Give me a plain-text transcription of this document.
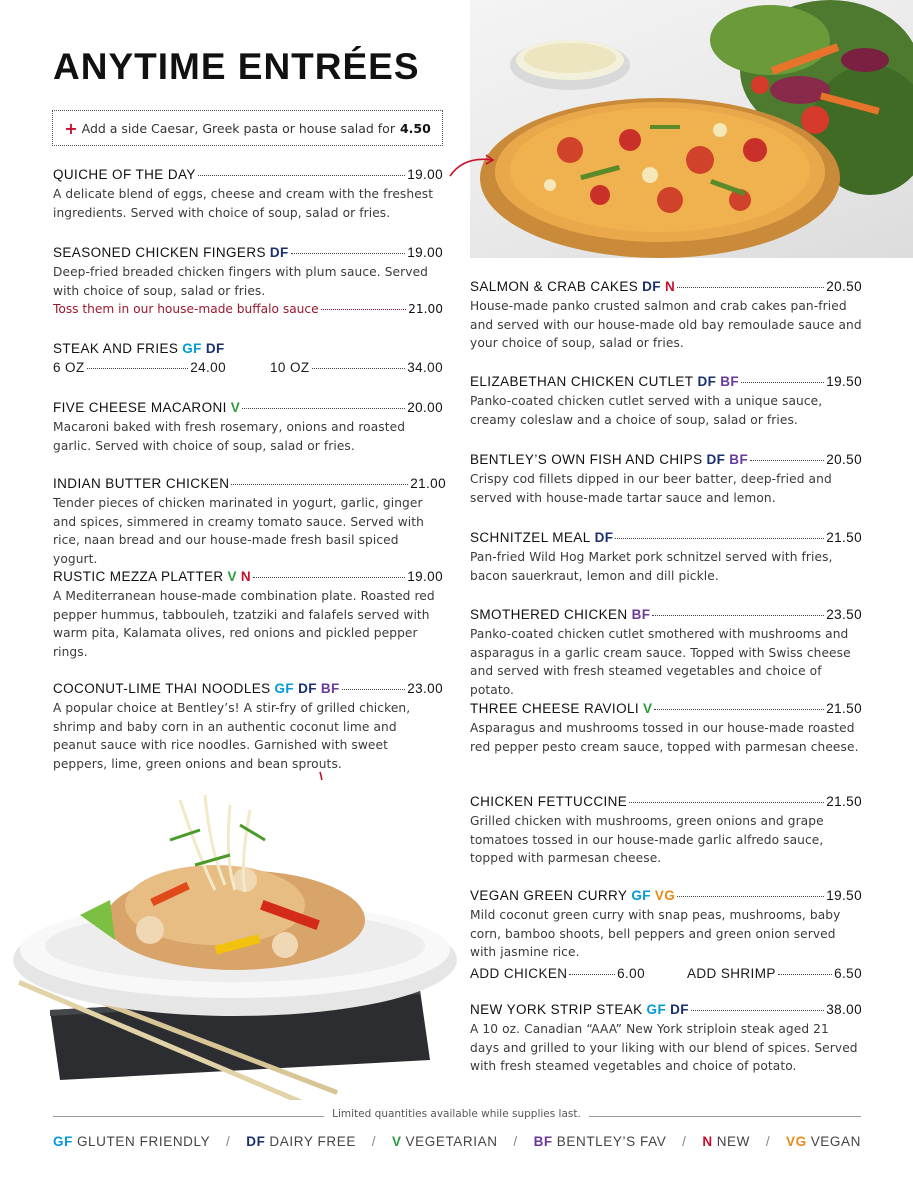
ANYTIME ENTRÉES
+ Add a side Caesar, Greek pasta or house salad for 4.50
QUICHE OF THE DAY	19.00
A delicate blend of eggs, cheese and cream with the freshest ingredients. Served with choice of soup, salad or fries.
SEASONED CHICKEN FINGERS DF	19.00
Deep-fried breaded chicken fingers with plum sauce. Served with choice of soup, salad or fries.
Toss them in our house-made buffalo sauce	21.00
STEAK AND FRIES GF DF
6 OZ	24.00	10 OZ	34.00
FIVE CHEESE MACARONI V	20.00
Macaroni baked with fresh rosemary, onions and roasted garlic. Served with choice of soup, salad or fries.
INDIAN BUTTER CHICKEN	21.00
Tender pieces of chicken marinated in yogurt, garlic, ginger and spices, simmered in creamy tomato sauce. Served with rice, naan bread and our house-made fresh basil spiced yogurt.
RUSTIC MEZZA PLATTER V N	19.00
A Mediterranean house-made combination plate. Roasted red pepper hummus, tabbouleh, tzatziki and falafels served with warm pita, Kalamata olives, red onions and pickled pepper rings.
COCONUT-LIME THAI NOODLES GF DF BF	23.00
A popular choice at Bentley’s! A stir-fry of grilled chicken, shrimp and baby corn in an authentic coconut lime and peanut sauce with rice noodles. Garnished with sweet peppers, lime, green onions and bean sprouts.
SALMON & CRAB CAKES DF N	20.50
House-made panko crusted salmon and crab cakes pan-fried and served with our house-made old bay remoulade sauce and your choice of soup, salad or fries.
ELIZABETHAN CHICKEN CUTLET DF BF	19.50
Panko-coated chicken cutlet served with a unique sauce, creamy coleslaw and a choice of soup, salad or fries.
BENTLEY’S OWN FISH AND CHIPS DF BF	20.50
Crispy cod fillets dipped in our beer batter, deep-fried and served with house-made tartar sauce and lemon.
SCHNITZEL MEAL DF	21.50
Pan-fried Wild Hog Market pork schnitzel served with fries, bacon sauerkraut, lemon and dill pickle.
SMOTHERED CHICKEN BF	23.50
Panko-coated chicken cutlet smothered with mushrooms and asparagus in a garlic cream sauce. Topped with Swiss cheese and served with fresh steamed vegetables and choice of potato.
THREE CHEESE RAVIOLI V	21.50
Asparagus and mushrooms tossed in our house-made roasted red pepper pesto cream sauce, topped with parmesan cheese.
CHICKEN FETTUCCINE	21.50
Grilled chicken with mushrooms, green onions and grape tomatoes tossed in our house-made garlic alfredo sauce, topped with parmesan cheese.
VEGAN GREEN CURRY GF VG	19.50
Mild coconut green curry with snap peas, mushrooms, baby corn, bamboo shoots, bell peppers and green onion served with jasmine rice.
ADD CHICKEN	6.00	ADD SHRIMP	6.50
NEW YORK STRIP STEAK GF DF	38.00
A 10 oz. Canadian “AAA” New York striploin steak aged 21 days and grilled to your liking with our blend of spices. Served with fresh steamed vegetables and choice of potato.
Limited quantities available while supplies last.
GF GLUTEN FRIENDLY / DF DAIRY FREE / V VEGETARIAN / BF BENTLEY’S FAV / N NEW / VG VEGAN
